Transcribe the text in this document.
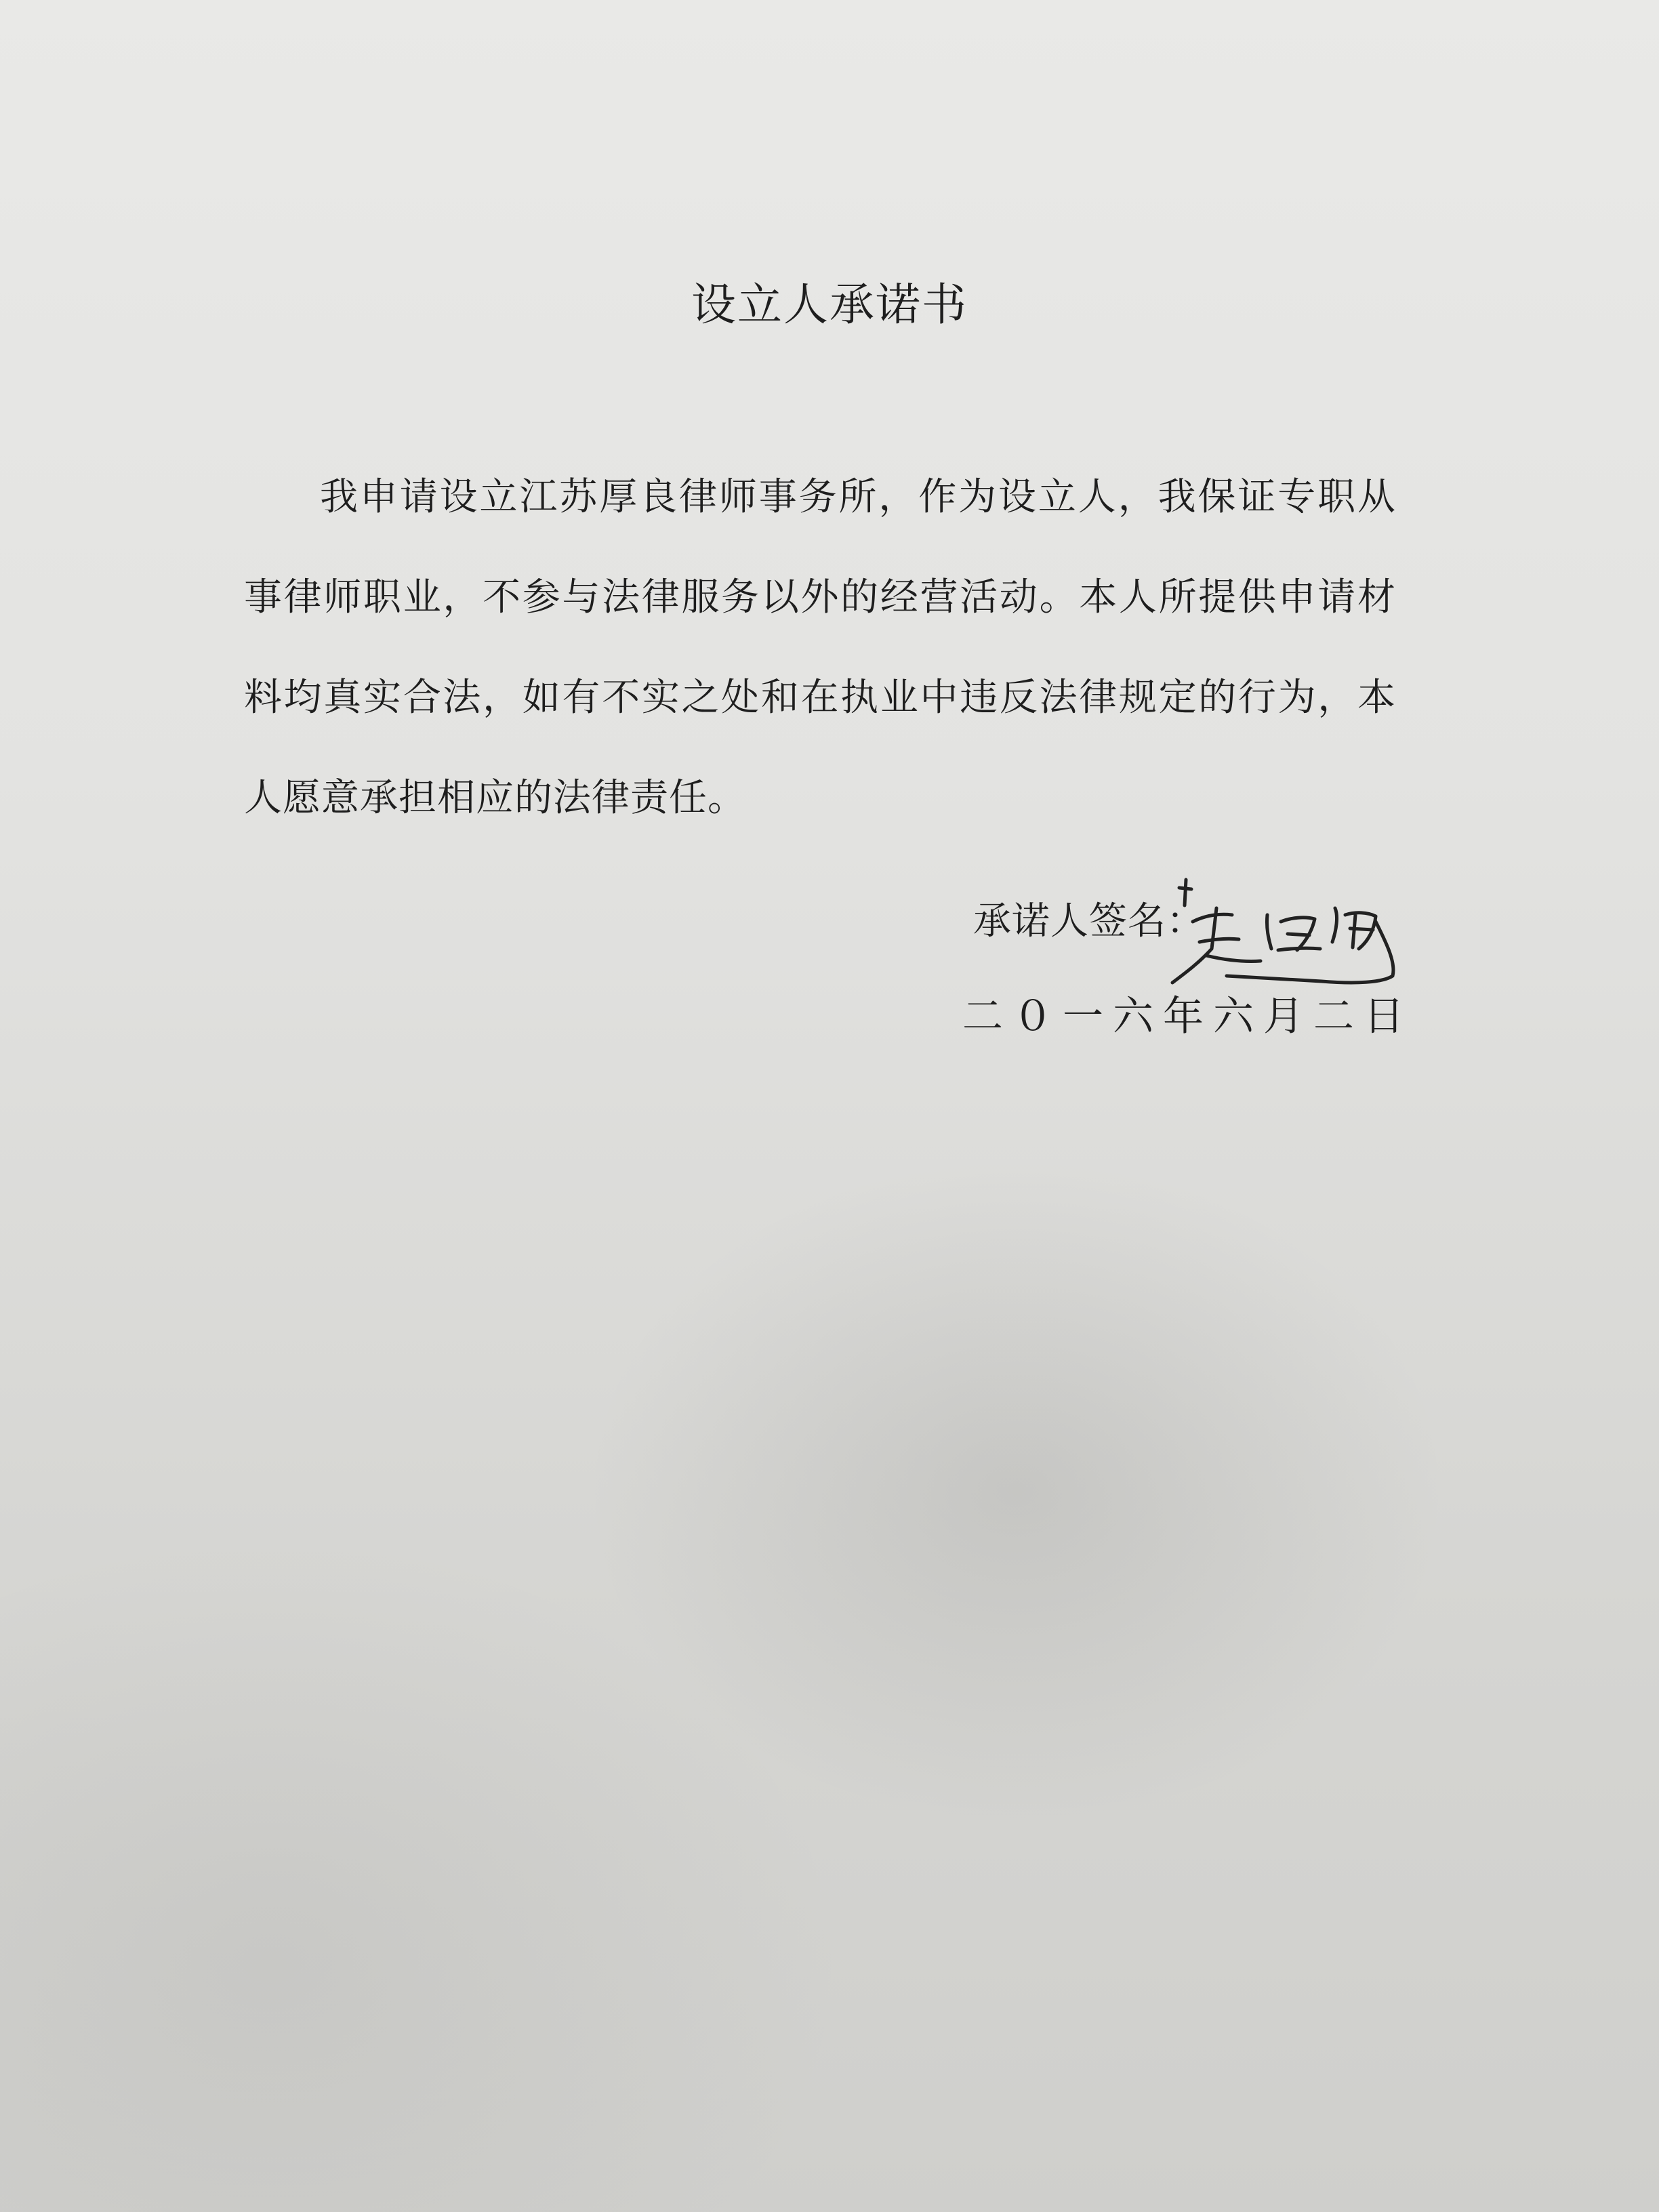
设立人承诺书

我申请设立江苏厚良律师事务所，作为设立人，我保证专职从事律师职业，不参与法律服务以外的经营活动。本人所提供申请材料均真实合法，如有不实之处和在执业中违反法律规定的行为，本人愿意承担相应的法律责任。

承诺人签名：
二０一六年六月二日
